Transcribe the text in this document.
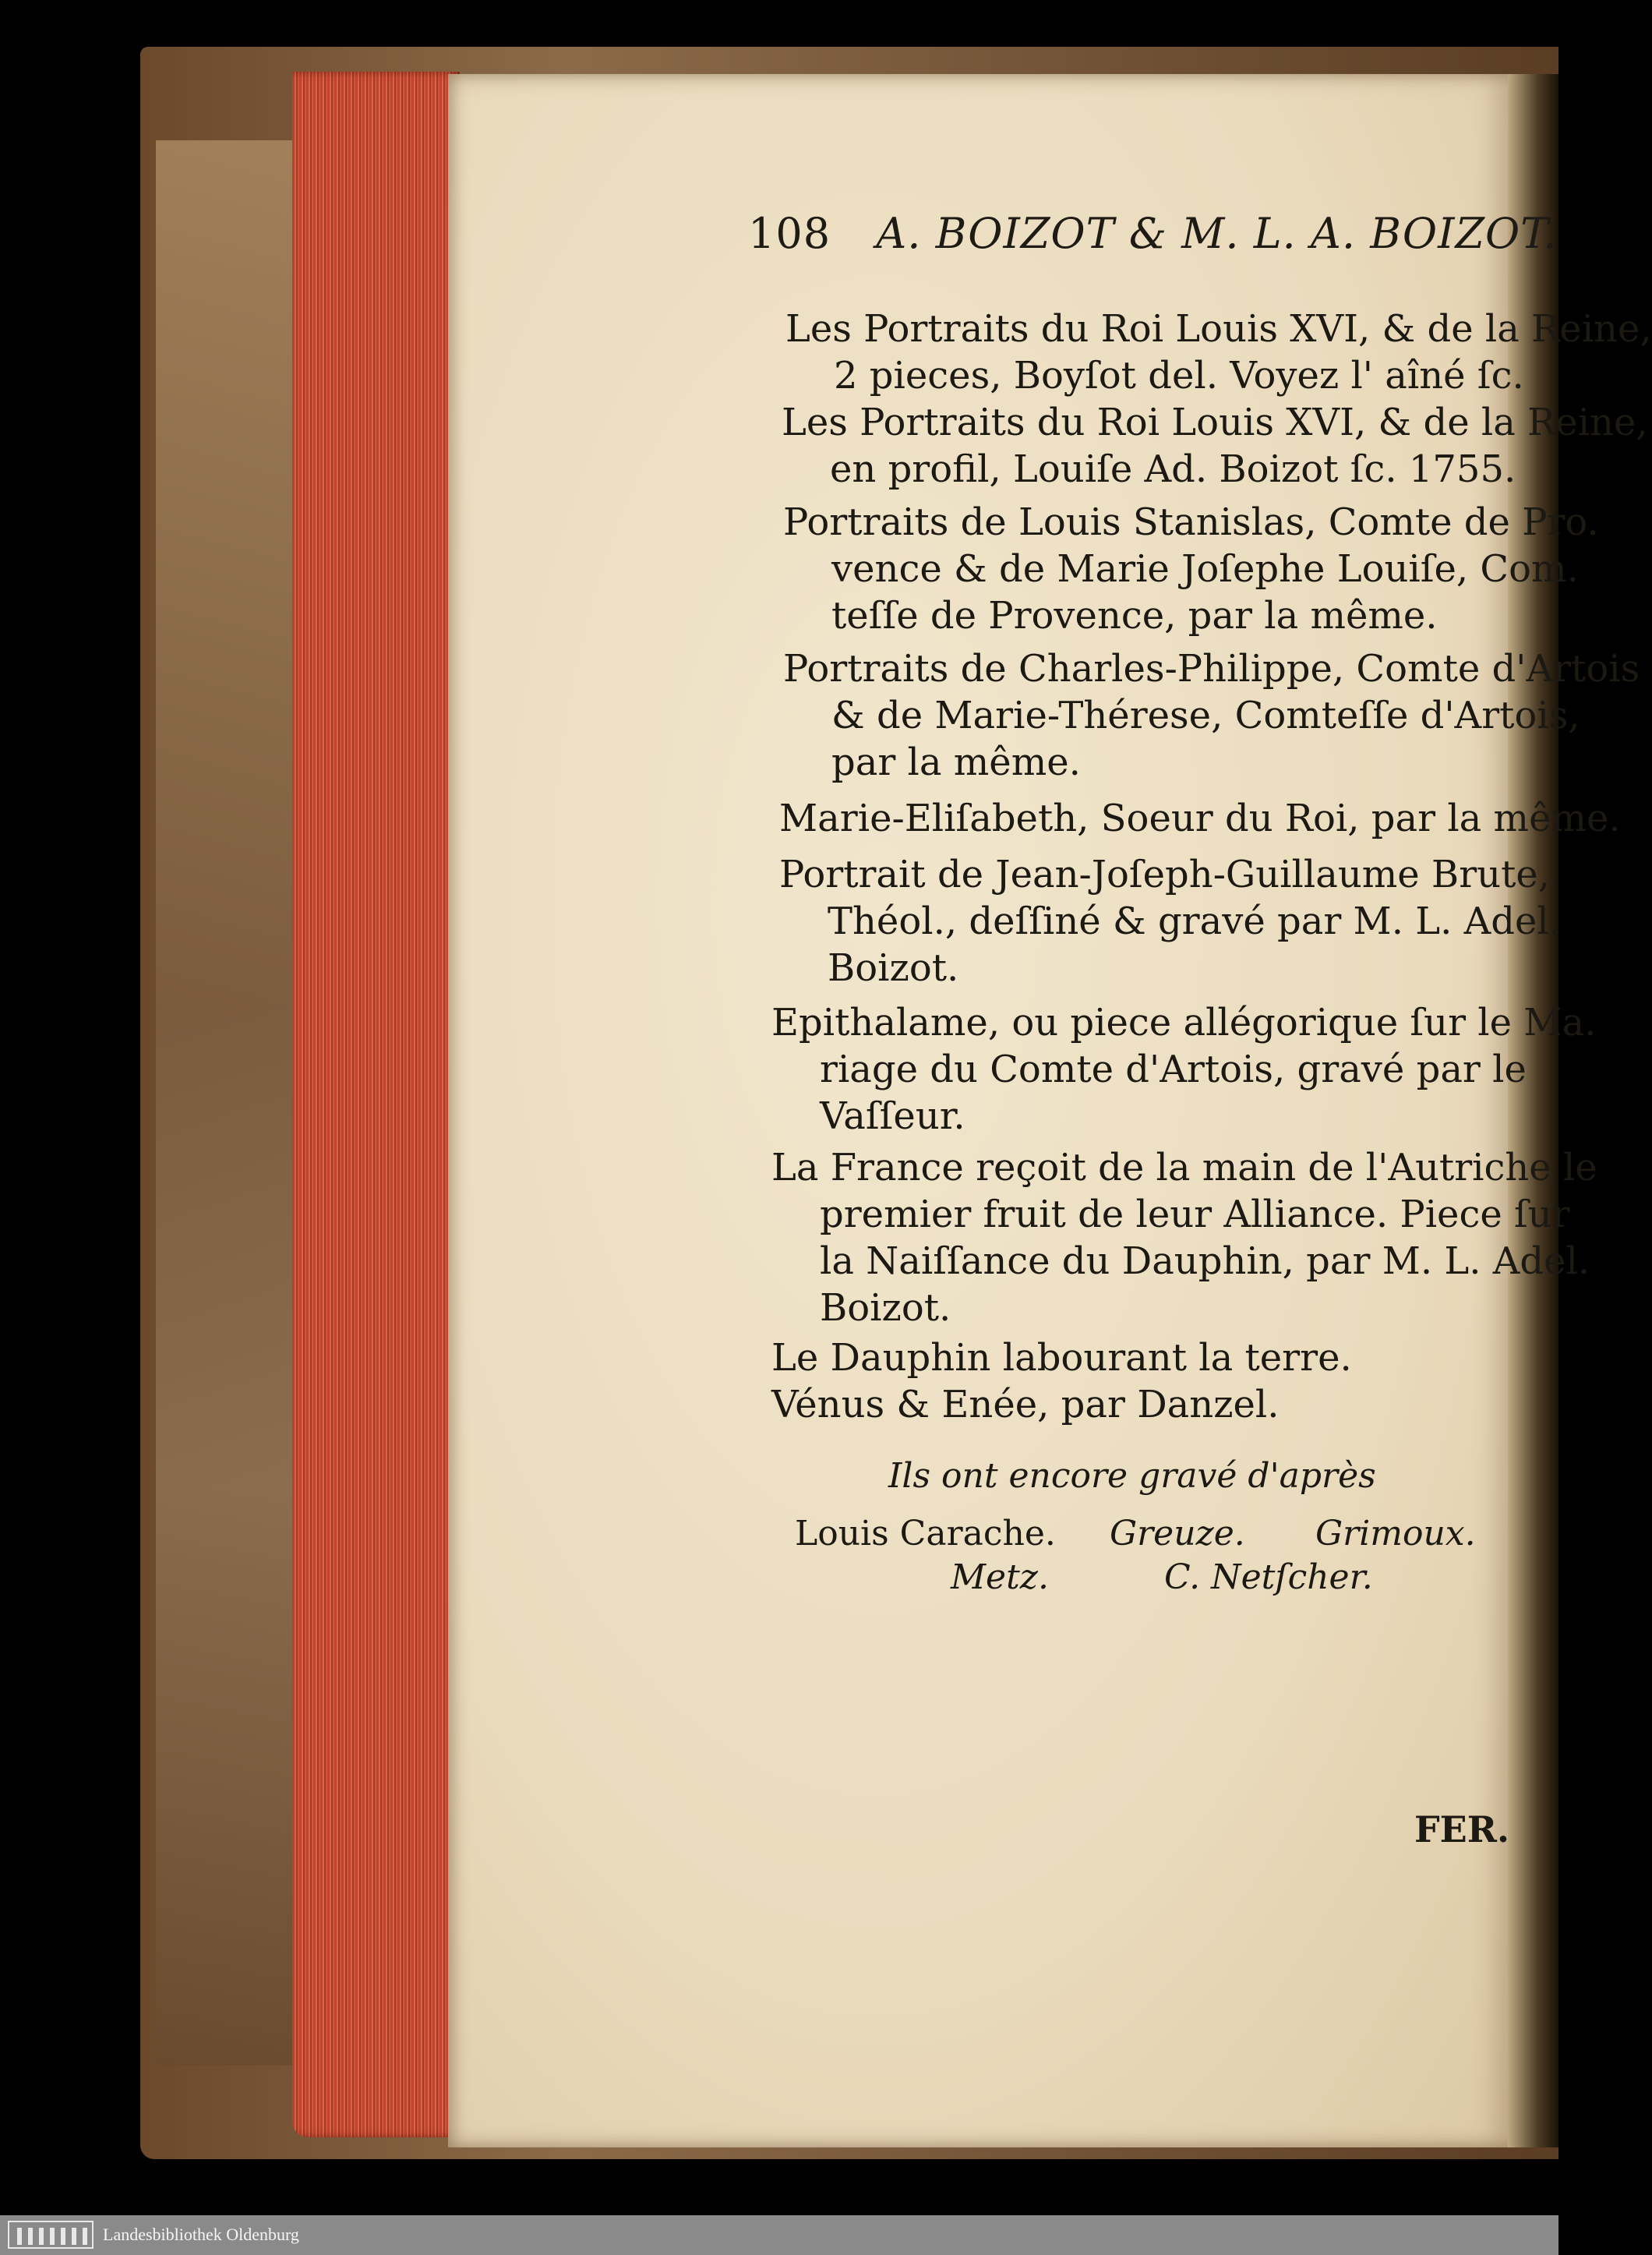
108 A. BOIZOT & M. L. A. BOIZOT.
Les Portraits du Roi Louis XVI, & de la Reine,
2 pieces, Boyſot del. Voyez l' aîné ſc.
Les Portraits du Roi Louis XVI, & de la Reine,
en profil, Louiſe Ad. Boizot ſc. 1755.
Portraits de Louis Stanislas, Comte de Pro.
vence & de Marie Joſephe Louiſe, Com.
teſſe de Provence, par la même.
Portraits de Charles-Philippe, Comte d'Artois
& de Marie-Thérese, Comteſſe d'Artois,
par la même.
Marie-Eliſabeth, Soeur du Roi, par la même.
Portrait de Jean-Joſeph-Guillaume Brute,
Théol., deſſiné & gravé par M. L. Adel.
Boizot.
Epithalame, ou piece allégorique ſur le Ma.
riage du Comte d'Artois, gravé par le
Vaſſeur.
La France reçoit de la main de l'Autriche le
premier fruit de leur Alliance. Piece ſur
la Naiſſance du Dauphin, par M. L. Adel.
Boizot.
Le Dauphin labourant la terre.
Vénus & Enée, par Danzel.
Ils ont encore gravé d'après
Louis Carache. Greuze. Grimoux.
Metz.	C. Netſcher.
FER.
Landesbibliothek Oldenburg
